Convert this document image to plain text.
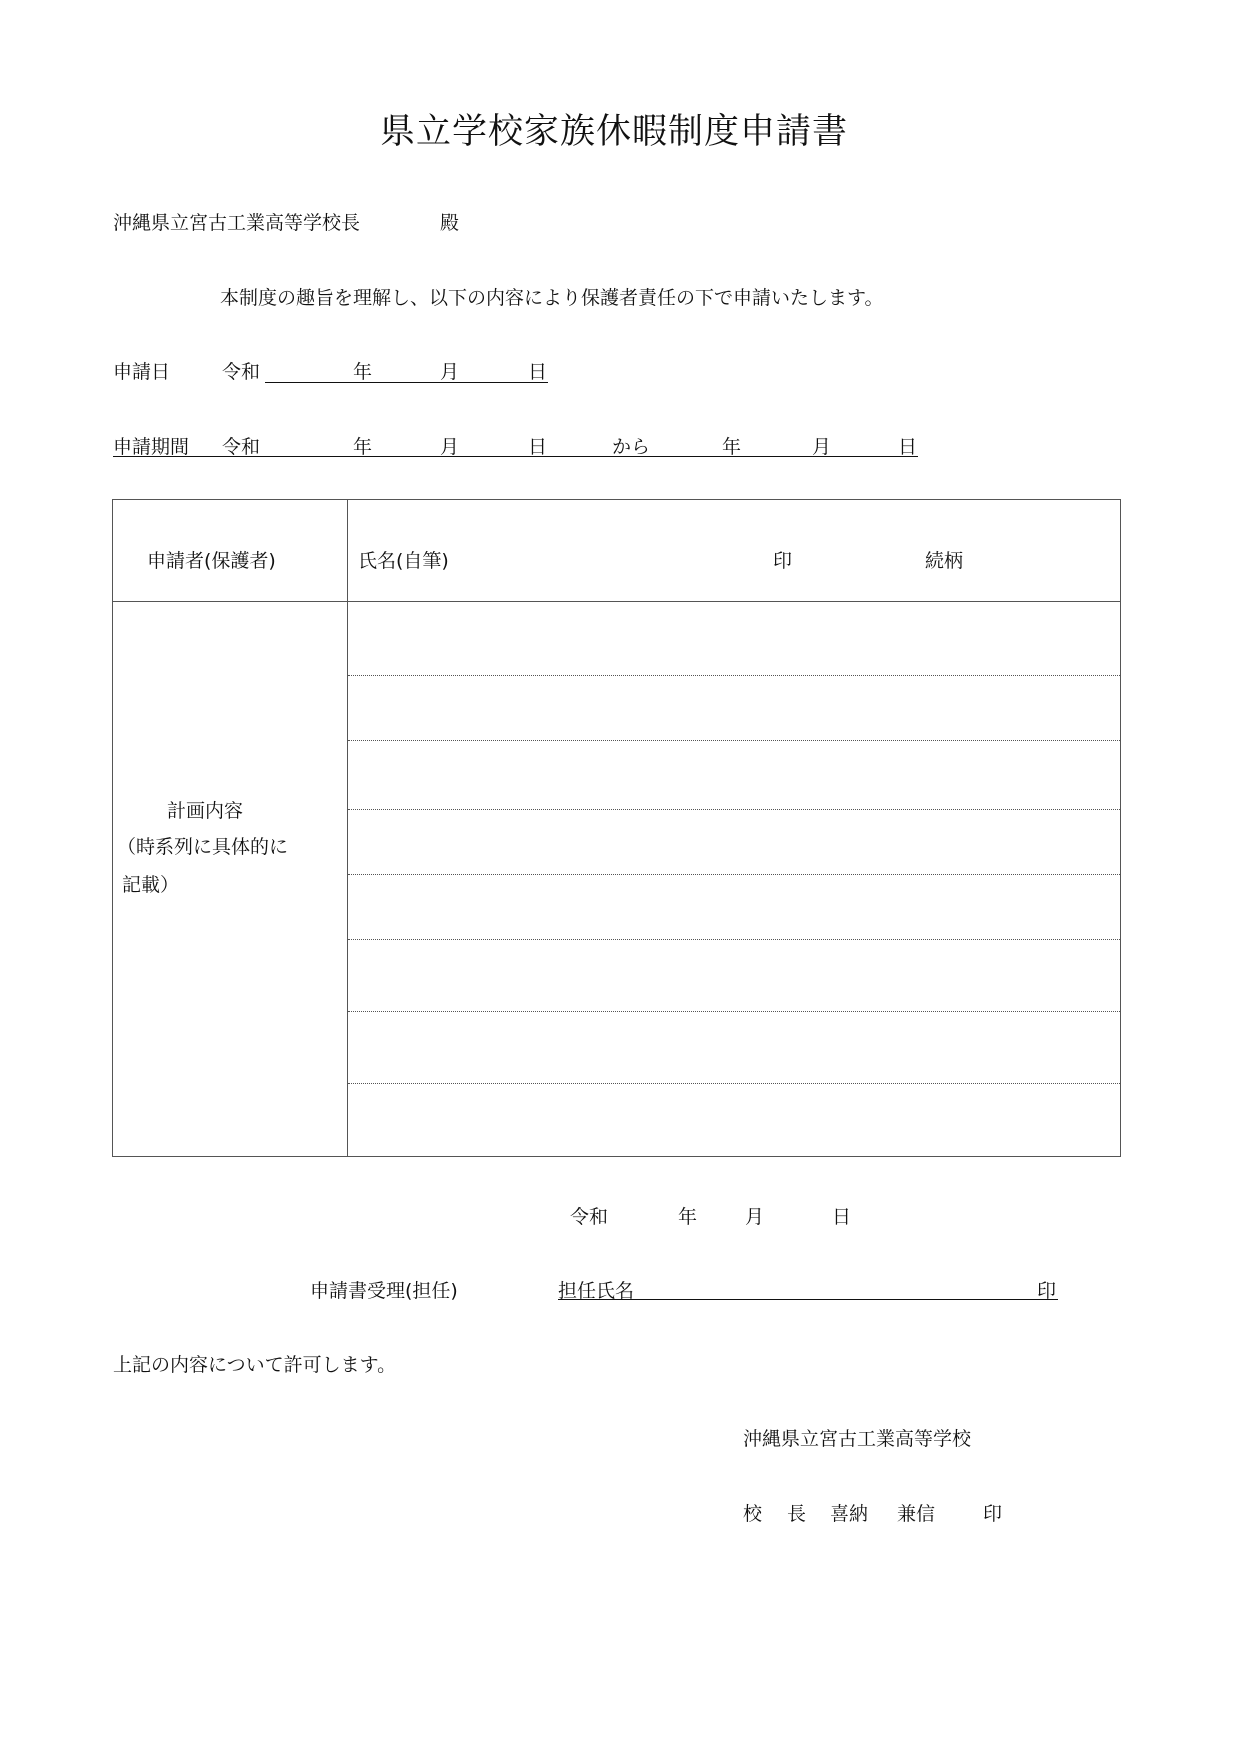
県立学校家族休暇制度申請書
沖縄県立宮古工業高等学校長	殿
本制度の趣旨を理解し、以下の内容により保護者責任の下で申請いたします。
申請日	令和	年	月	日
申請期間 令和	年	月	日	から	年	月	日
申請者(保護者)	氏名(自筆)	印	続柄
計画内容
（時系列に具体的に
記載）
令和	年	月	日
申請書受理(担任)	担任氏名	印
上記の内容について許可します。
沖縄県立宮古工業高等学校
校 長 喜納 兼信	印
